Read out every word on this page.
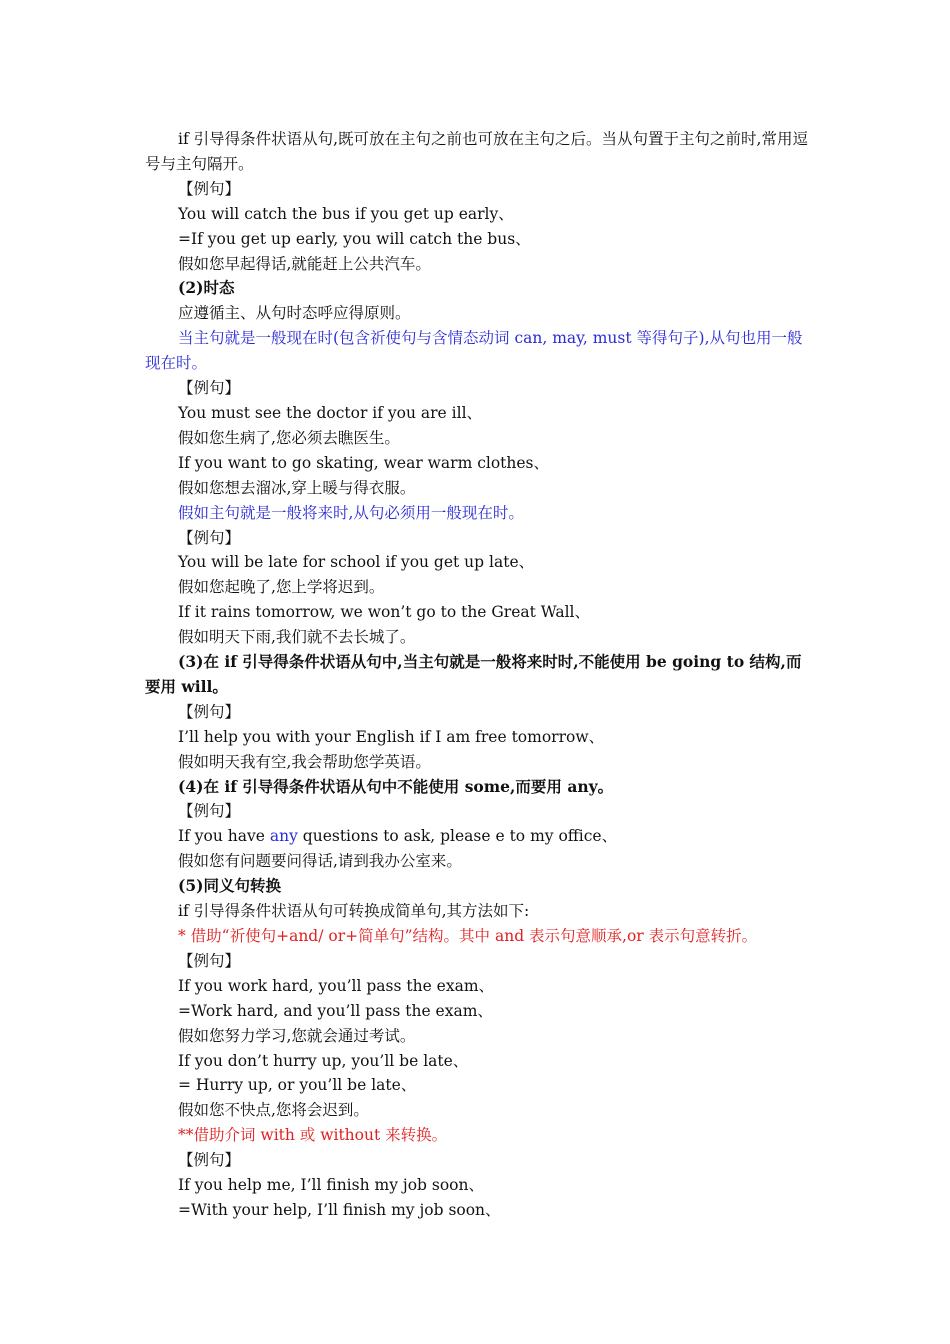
if 引导得条件状语从句,既可放在主句之前也可放在主句之后。当从句置于主句之前时,常用逗号与主句隔开。

【例句】

You will catch the bus if you get up early、

=If you get up early, you will catch the bus、

假如您早起得话,就能赶上公共汽车。

(2)时态

应遵循主、从句时态呼应得原则。

当主句就是一般现在时(包含祈使句与含情态动词 can, may, must 等得句子),从句也用一般现在时。

【例句】

You must see the doctor if you are ill、

假如您生病了,您必须去瞧医生。

If you want to go skating, wear warm clothes、

假如您想去溜冰,穿上暖与得衣服。

假如主句就是一般将来时,从句必须用一般现在时。

【例句】

You will be late for school if you get up late、

假如您起晚了,您上学将迟到。

If it rains tomorrow, we won’t go to the Great Wall、

假如明天下雨,我们就不去长城了。

(3)在 if 引导得条件状语从句中,当主句就是一般将来时时,不能使用 be going to 结构,而要用 will。

【例句】

I’ll help you with your English if I am free tomorrow、

假如明天我有空,我会帮助您学英语。

(4)在 if 引导得条件状语从句中不能使用 some,而要用 any。

【例句】

If you have any questions to ask, please e to my office、

假如您有问题要问得话,请到我办公室来。

(5)同义句转换

if 引导得条件状语从句可转换成简单句,其方法如下:

* 借助“祈使句+and/ or+简单句”结构。其中 and 表示句意顺承,or 表示句意转折。

【例句】

If you work hard, you’ll pass the exam、

=Work hard, and you’ll pass the exam、

假如您努力学习,您就会通过考试。

If you don’t hurry up, you’ll be late、

= Hurry up, or you’ll be late、

假如您不快点,您将会迟到。

**借助介词 with 或 without 来转换。

【例句】

If you help me, I’ll finish my job soon、

=With your help, I’ll finish my job soon、
